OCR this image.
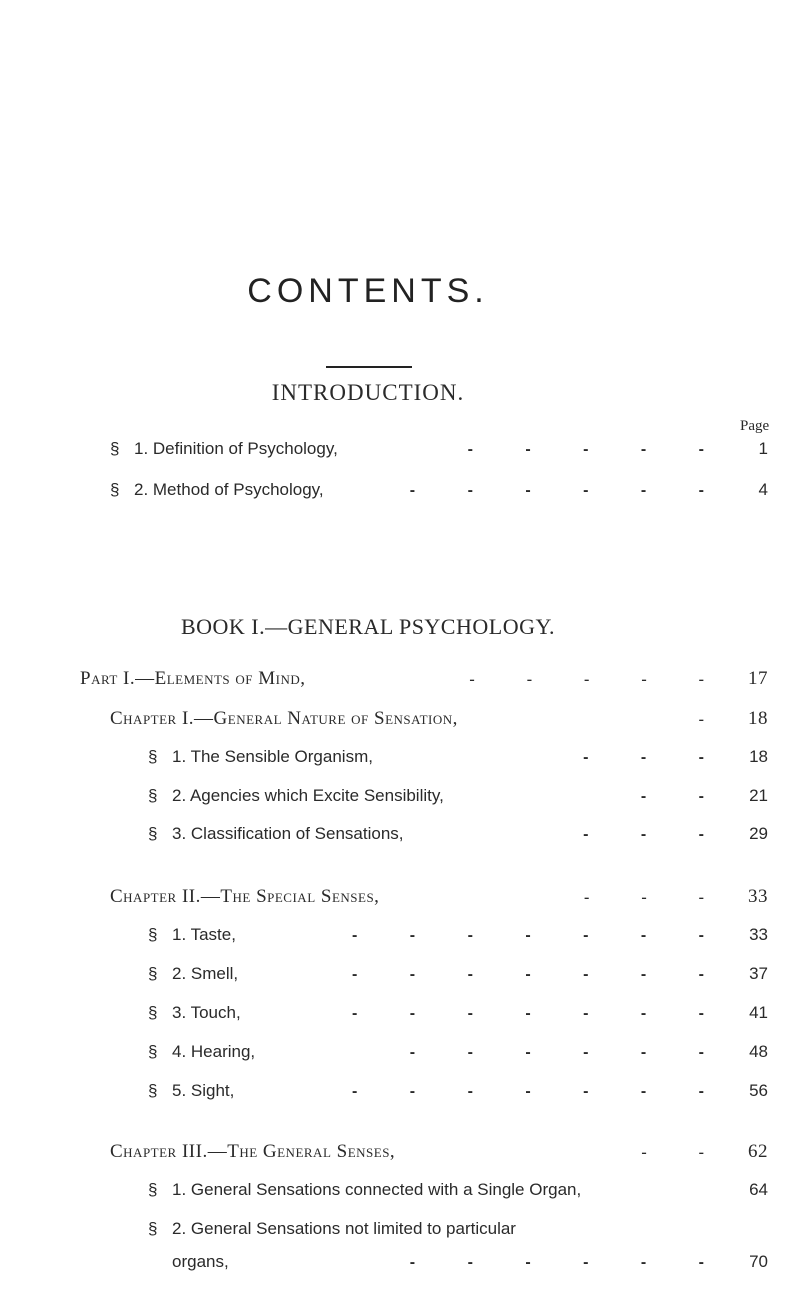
CONTENTS.
INTRODUCTION.
Page
§ 1. Definition of Psychology,	- - - - -	1
§ 2. Method of Psychology,	- - - - - -	4
BOOK I.—GENERAL PSYCHOLOGY.
Part I.—Elements of Mind,	- - - - -	17
Chapter I.—General Nature of Sensation,	-	18
§ 1. The Sensible Organism,	- - -	18
§ 2. Agencies which Excite Sensibility,	- -	21
§ 3. Classification of Sensations,	- - -	29
Chapter II.—The Special Senses,	- - -	33
§ 1. Taste,	- - - - - - -	33
§ 2. Smell,	- - - - - - -	37
§ 3. Touch,	- - - - - - -	41
§ 4. Hearing,	- - - - - -	48
§ 5. Sight,	- - - - - - -	56
Chapter III.—The General Senses,	- -	62
§ 1. General Sensations connected with a Single Organ,	64
§ 2. General Sensations not limited to particular
organs,	- - - - - -	70
